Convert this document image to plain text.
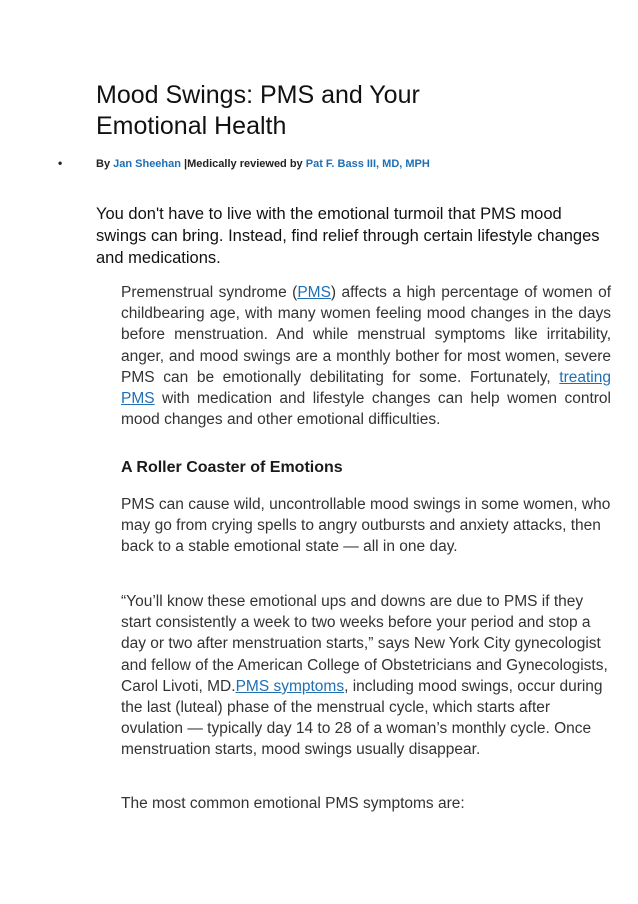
Mood Swings: PMS and Your Emotional Health
•	By Jan Sheehan |Medically reviewed by Pat F. Bass III, MD, MPH

You don't have to live with the emotional turmoil that PMS mood swings can bring. Instead, find relief through certain lifestyle changes and medications.

Premenstrual syndrome (PMS) affects a high percentage of women of childbearing age, with many women feeling mood changes in the days before menstruation. And while menstrual symptoms like irritability, anger, and mood swings are a monthly bother for most women, severe PMS can be emotionally debilitating for some. Fortunately, treating PMS with medication and lifestyle changes can help women control mood changes and other emotional difficulties.

A Roller Coaster of Emotions

PMS can cause wild, uncontrollable mood swings in some women, who may go from crying spells to angry outbursts and anxiety attacks, then back to a stable emotional state — all in one day.

“You’ll know these emotional ups and downs are due to PMS if they start consistently a week to two weeks before your period and stop a day or two after menstruation starts,” says New York City gynecologist and fellow of the American College of Obstetricians and Gynecologists, Carol Livoti, MD.PMS symptoms, including mood swings, occur during the last (luteal) phase of the menstrual cycle, which starts after ovulation — typically day 14 to 28 of a woman’s monthly cycle. Once menstruation starts, mood swings usually disappear.

The most common emotional PMS symptoms are:
